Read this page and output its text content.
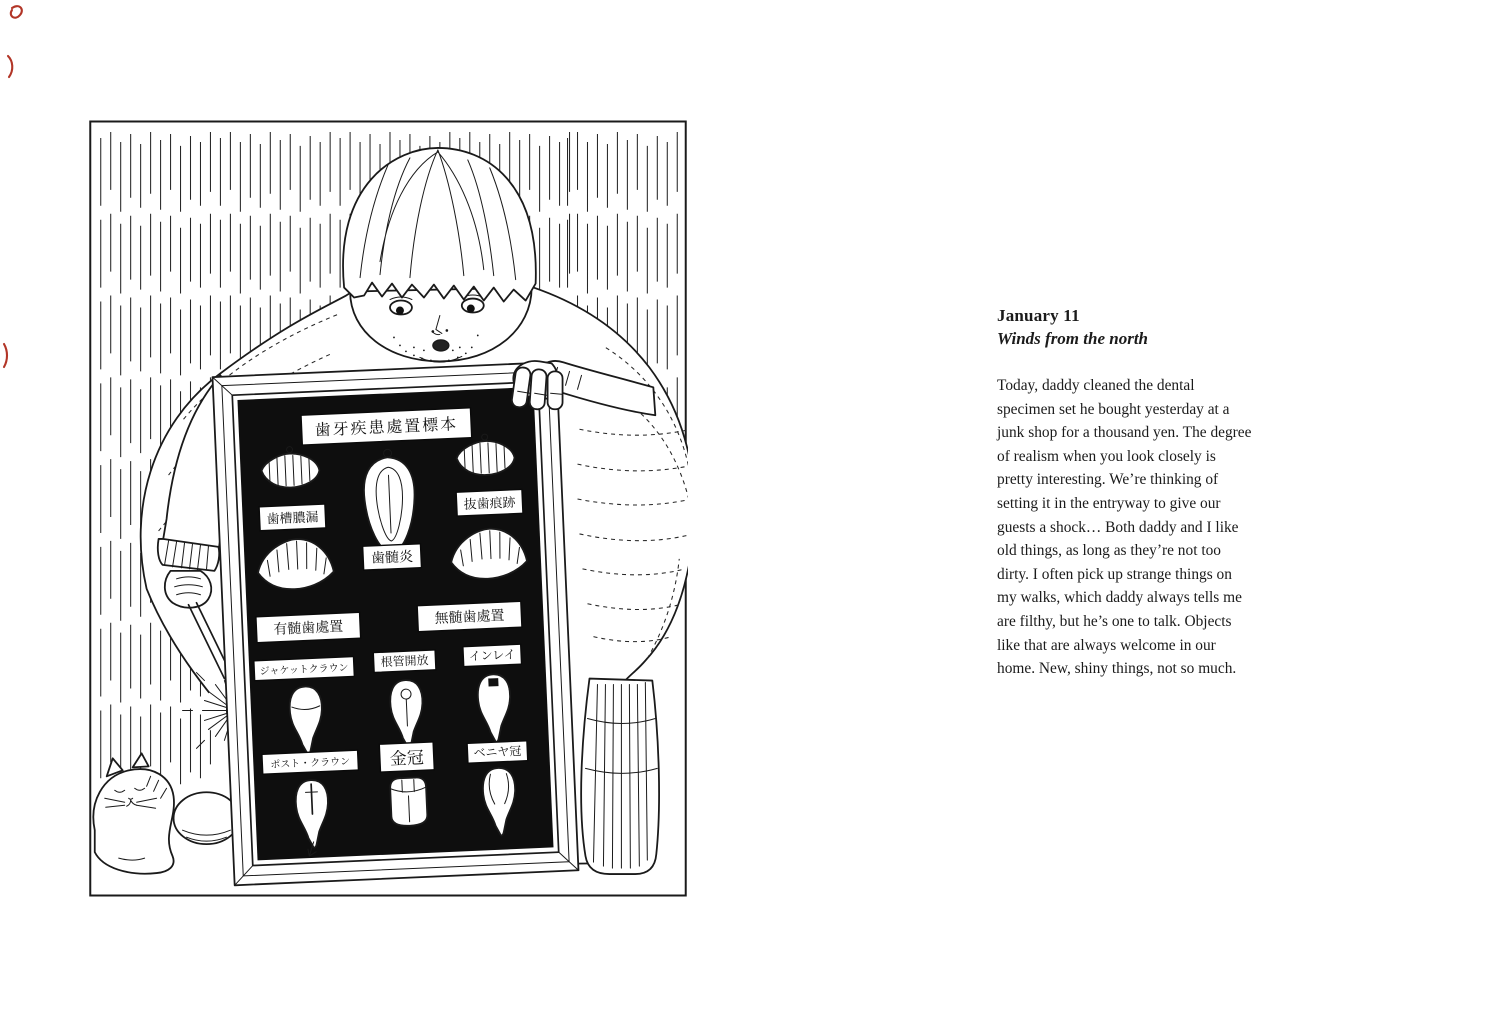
歯牙疾患處置標本
歯槽膿漏
抜歯痕跡
歯髄炎
有髄歯處置
無髄歯處置
ジャケットクラウン
根管開放	インレイ
ポスト・クラウン 金冠	ベニヤ冠
January 11
Winds from the north

Today, daddy cleaned the dental specimen set he bought yesterday at a junk shop for a thousand yen. The degree of realism when you look closely is pretty interesting. We’re thinking of setting it in the entryway to give our guests a shock… Both daddy and I like old things, as long as they’re not too dirty. I often pick up strange things on my walks, which daddy always tells me are filthy, but he’s one to talk. Objects like that are always welcome in our home. New, shiny things, not so much.
